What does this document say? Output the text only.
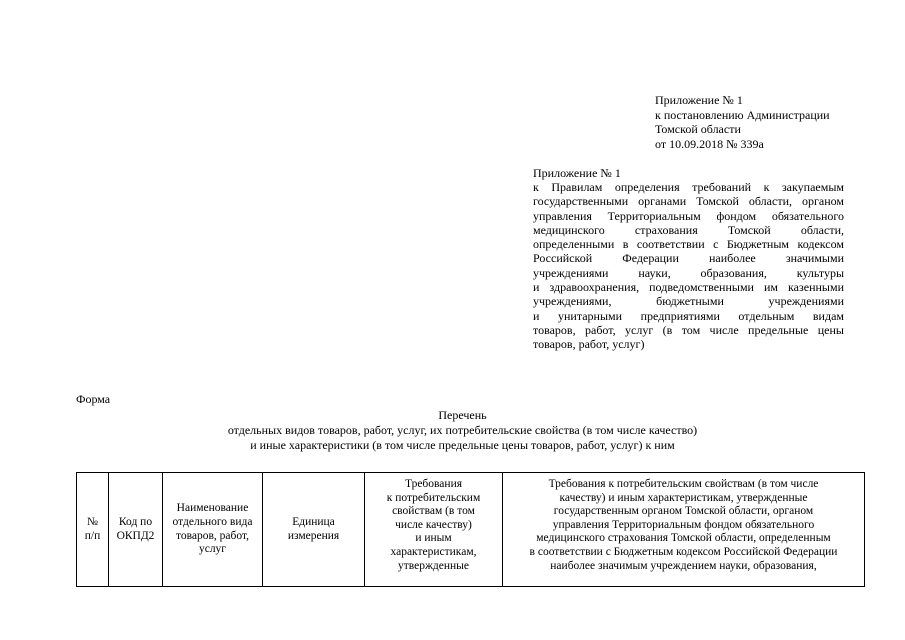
Приложение № 1
к постановлению Администрации
Томской области
от 10.09.2018 № 339а
Приложение № 1
к Правилам определения требований к закупаемым
государственными органами Томской области, органом
управления Территориальным фондом обязательного
медицинского страхования Томской области,
определенными в соответствии с Бюджетным кодексом
Российской Федерации наиболее значимыми
учреждениями науки, образования, культуры
и здравоохранения, подведомственными им казенными
учреждениями, бюджетными учреждениями
и унитарными предприятиями отдельным видам
товаров, работ, услуг (в том числе предельные цены
товаров, работ, услуг)
Форма
Перечень
отдельных видов товаров, работ, услуг, их потребительские свойства (в том числе качество)
и иные характеристики (в том числе предельные цены товаров, работ, услуг) к ним
№
п/п

Код по
ОКПД2

Наименование
отдельного вида
товаров, работ,
услуг

Единица
измерения

Требования
к потребительским
свойствам (в том
числе качеству)
и иным
характеристикам,
утвержденные

Требования к потребительским свойствам (в том числе
качеству) и иным характеристикам, утвержденные
государственным органом Томской области, органом
управления Территориальным фондом обязательного
медицинского страхования Томской области, определенным
в соответствии с Бюджетным кодексом Российской Федерации
наиболее значимым учреждением науки, образования,
